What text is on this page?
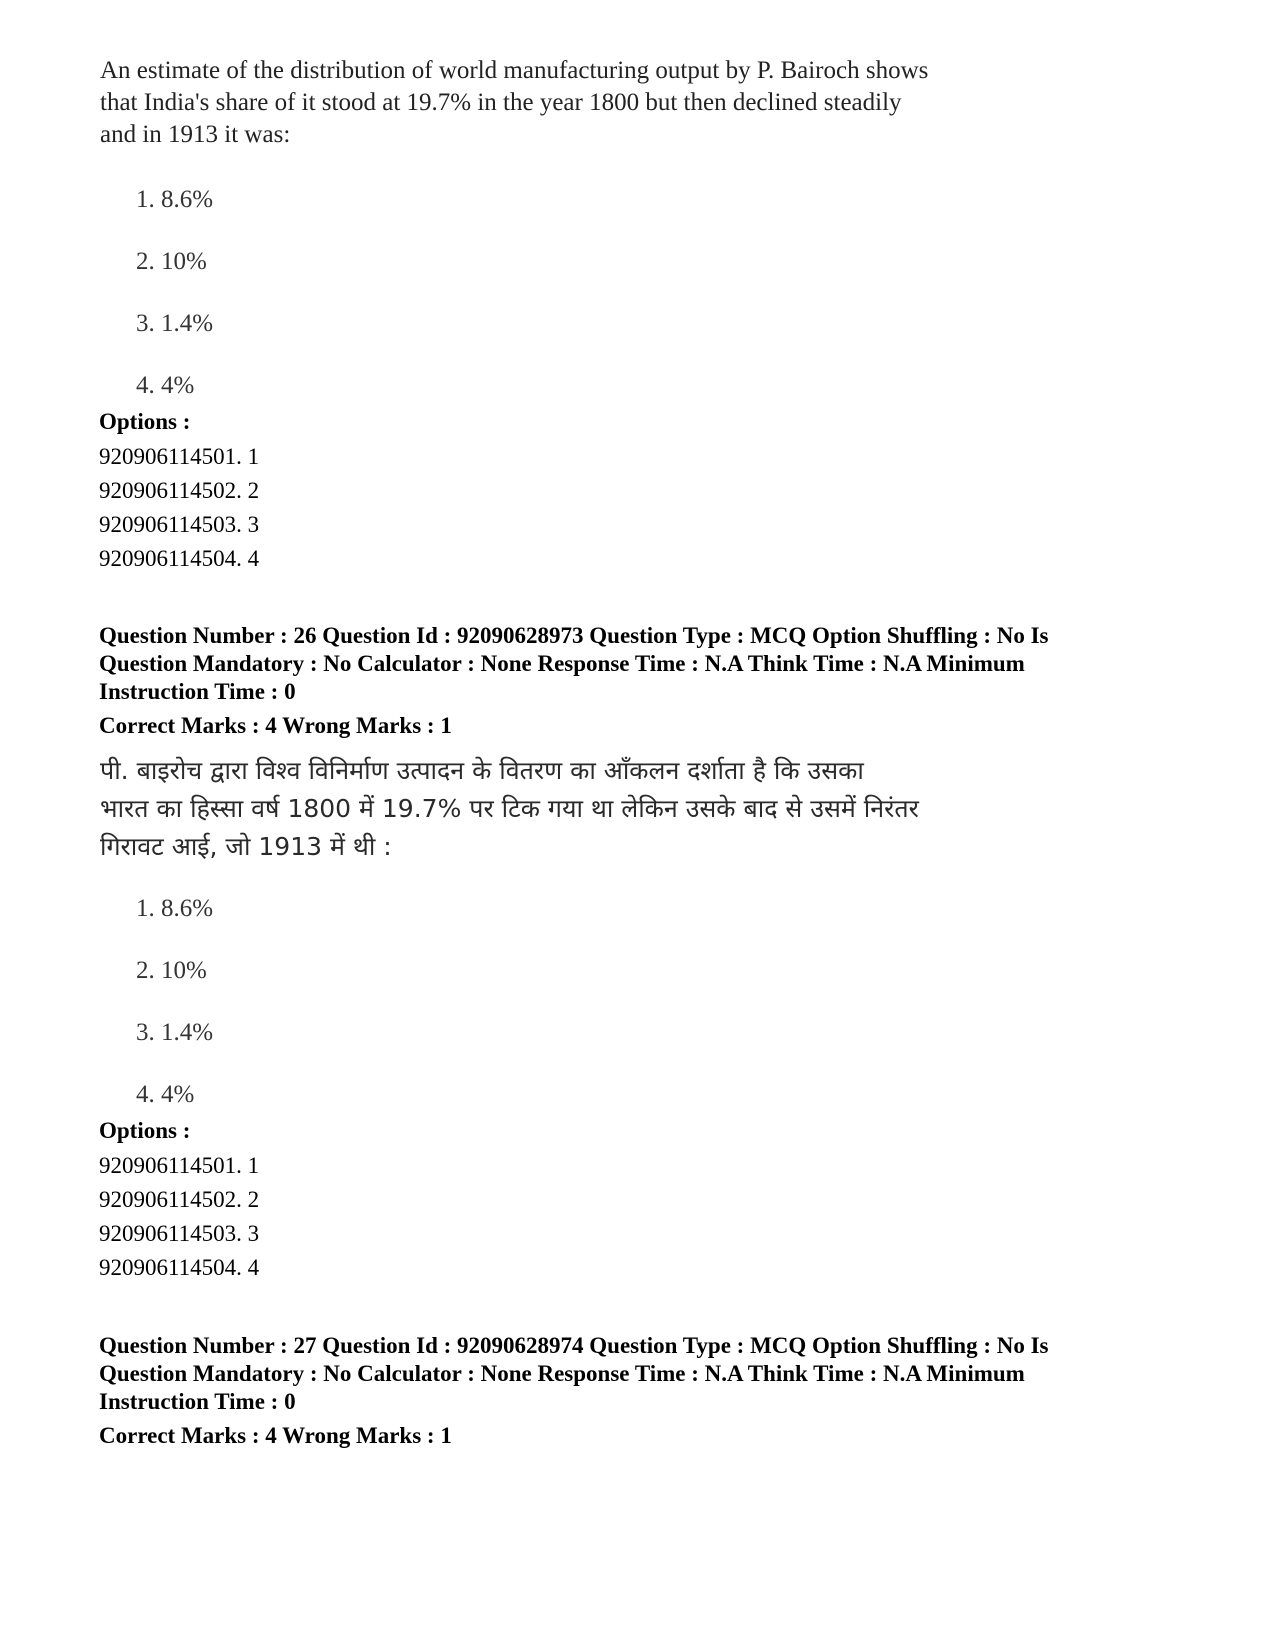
An estimate of the distribution of world manufacturing output by P. Bairoch shows

that India's share of it stood at 19.7% in the year 1800 but then declined steadily

and in 1913 it was:

1. 8.6%

2. 10%

3. 1.4%

4. 4%

Options :

920906114501. 1

920906114502. 2

920906114503. 3

920906114504. 4

Question Number : 26 Question Id : 92090628973 Question Type : MCQ Option Shuffling : No Is

Question Mandatory : No Calculator : None Response Time : N.A Think Time : N.A Minimum

Instruction Time : 0

Correct Marks : 4 Wrong Marks : 1

पी. बाइरोच द्वारा विश्व विनिर्माण उत्पादन के वितरण का आँकलन दर्शाता है कि उसका

भारत का हिस्सा वर्ष 1800 में 19.7% पर टिक गया था लेकिन उसके बाद से उसमें निरंतर

गिरावट आई, जो 1913 में थी :

1. 8.6%

2. 10%

3. 1.4%

4. 4%

Options :

920906114501. 1

920906114502. 2

920906114503. 3

920906114504. 4

Question Number : 27 Question Id : 92090628974 Question Type : MCQ Option Shuffling : No Is

Question Mandatory : No Calculator : None Response Time : N.A Think Time : N.A Minimum

Instruction Time : 0

Correct Marks : 4 Wrong Marks : 1
